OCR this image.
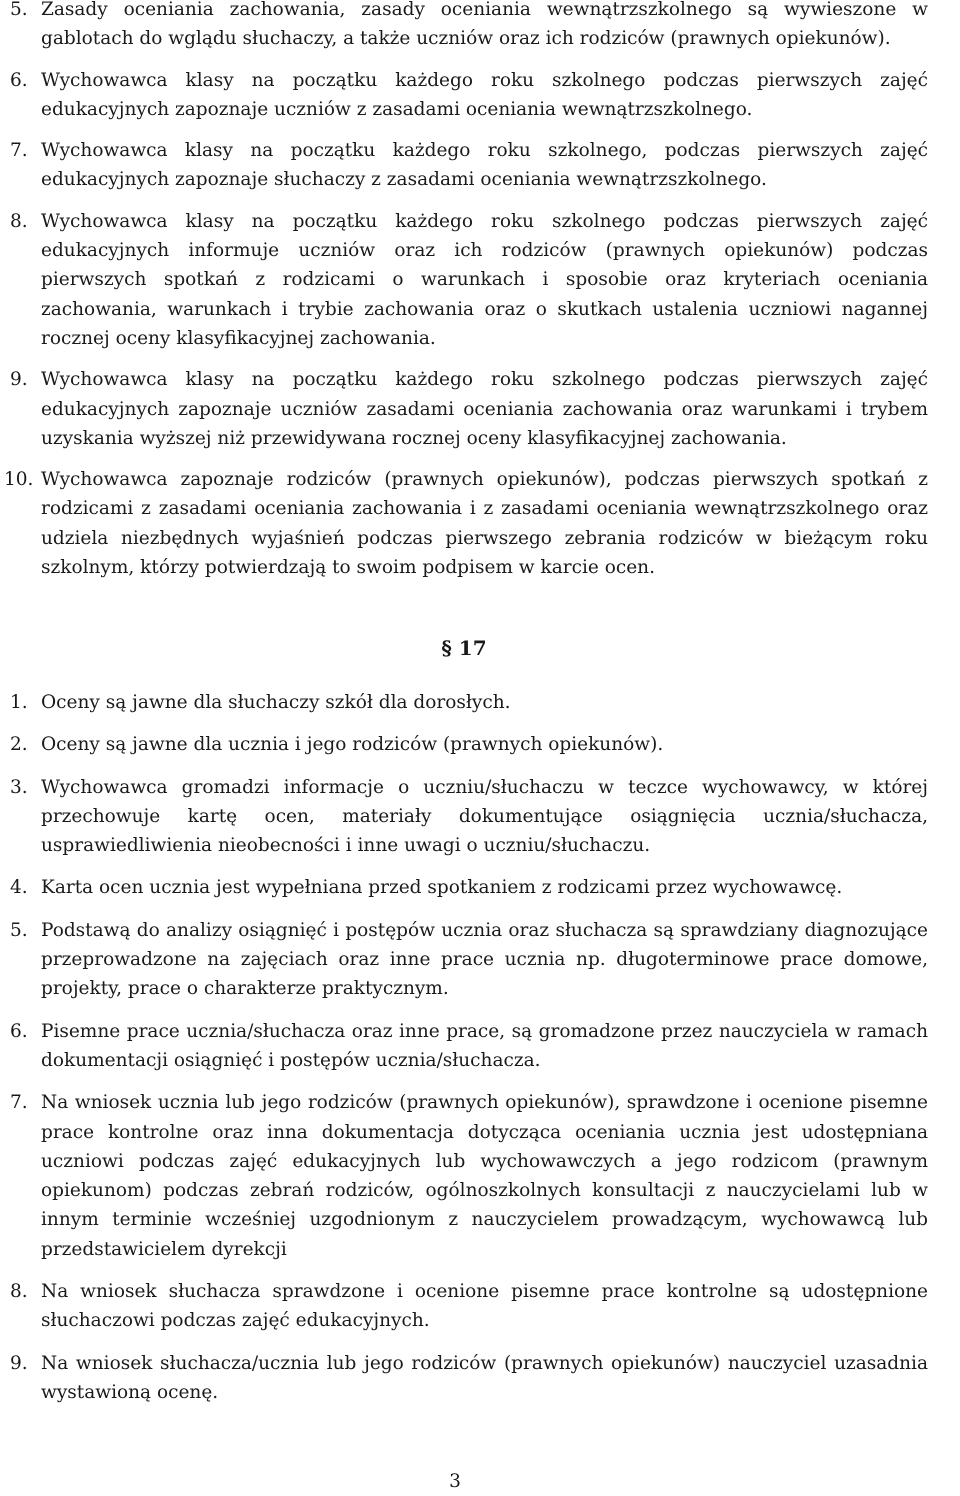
5. Zasady oceniania zachowania, zasady oceniania wewnątrzszkolnego są wywieszone w gablotach do wglądu słuchaczy, a także uczniów oraz ich rodziców (prawnych opiekunów).
6. Wychowawca klasy na początku każdego roku szkolnego podczas pierwszych zajęć edukacyjnych zapoznaje uczniów z zasadami oceniania wewnątrzszkolnego.
7. Wychowawca klasy na początku każdego roku szkolnego, podczas pierwszych zajęć edukacyjnych zapoznaje słuchaczy z zasadami oceniania wewnątrzszkolnego.
8. Wychowawca klasy na początku każdego roku szkolnego podczas pierwszych zajęć edukacyjnych informuje uczniów oraz ich rodziców (prawnych opiekunów) podczas pierwszych spotkań z rodzicami o warunkach i sposobie oraz kryteriach oceniania zachowania, warunkach i trybie zachowania oraz o skutkach ustalenia uczniowi nagannej rocznej oceny klasyfikacyjnej zachowania.
9. Wychowawca klasy na początku każdego roku szkolnego podczas pierwszych zajęć edukacyjnych zapoznaje uczniów zasadami oceniania zachowania oraz warunkami i trybem uzyskania wyższej niż przewidywana rocznej oceny klasyfikacyjnej zachowania.
10. Wychowawca zapoznaje rodziców (prawnych opiekunów), podczas pierwszych spotkań z rodzicami z zasadami oceniania zachowania i z zasadami oceniania wewnątrzszkolnego oraz udziela niezbędnych wyjaśnień podczas pierwszego zebrania rodziców w bieżącym roku szkolnym, którzy potwierdzają to swoim podpisem w karcie ocen.
§ 17
1. Oceny są jawne dla słuchaczy szkół dla dorosłych.
2. Oceny są jawne dla ucznia i jego rodziców (prawnych opiekunów).
3. Wychowawca gromadzi informacje o uczniu/słuchaczu w teczce wychowawcy, w której przechowuje kartę ocen, materiały dokumentujące osiągnięcia ucznia/słuchacza, usprawiedliwienia nieobecności i inne uwagi o uczniu/słuchaczu.
4. Karta ocen ucznia jest wypełniana przed spotkaniem z rodzicami przez wychowawcę.
5. Podstawą do analizy osiągnięć i postępów ucznia oraz słuchacza są sprawdziany diagnozujące przeprowadzone na zajęciach oraz inne prace ucznia np. długoterminowe prace domowe, projekty, prace o charakterze praktycznym.
6. Pisemne prace ucznia/słuchacza oraz inne prace, są gromadzone przez nauczyciela w ramach dokumentacji osiągnięć i postępów ucznia/słuchacza.
7. Na wniosek ucznia lub jego rodziców (prawnych opiekunów), sprawdzone i ocenione pisemne prace kontrolne oraz inna dokumentacja dotycząca oceniania ucznia jest udostępniana uczniowi podczas zajęć edukacyjnych lub wychowawczych a jego rodzicom (prawnym opiekunom) podczas zebrań rodziców, ogólnoszkolnych konsultacji z nauczycielami lub w innym terminie wcześniej uzgodnionym z nauczycielem prowadzącym, wychowawcą lub przedstawicielem dyrekcji
8. Na wniosek słuchacza sprawdzone i ocenione pisemne prace kontrolne są udostępnione słuchaczowi podczas zajęć edukacyjnych.
9. Na wniosek słuchacza/ucznia lub jego rodziców (prawnych opiekunów) nauczyciel uzasadnia wystawioną ocenę.
3
